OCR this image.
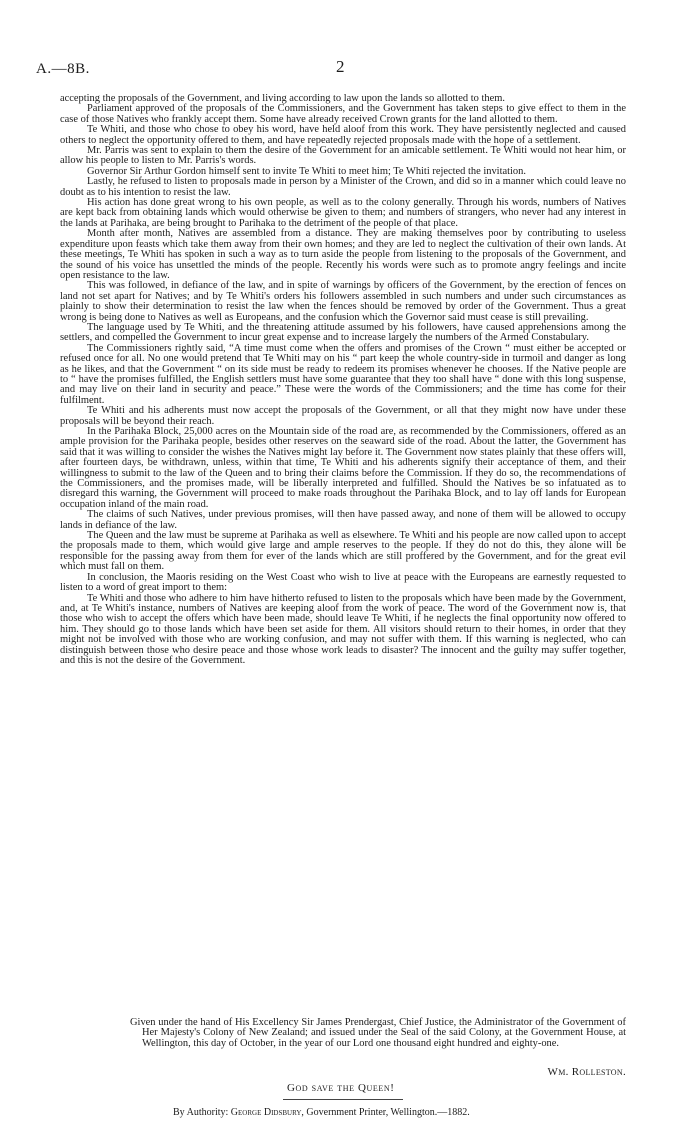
A.—8B.	2

accepting the proposals of the Government, and living according to law upon the lands so allotted to them.

Parliament approved of the proposals of the Commissioners, and the Government has taken steps to give effect to them in the case of those Natives who frankly accept them. Some have already received Crown grants for the land allotted to them.

Te Whiti, and those who chose to obey his word, have held aloof from this work. They have persistently neglected and caused others to neglect the opportunity offered to them, and have repeatedly rejected proposals made with the hope of a settlement.

Mr. Parris was sent to explain to them the desire of the Government for an amicable settlement. Te Whiti would not hear him, or allow his people to listen to Mr. Parris's words.

Governor Sir Arthur Gordon himself sent to invite Te Whiti to meet him; Te Whiti rejected the invitation.

Lastly, he refused to listen to proposals made in person by a Minister of the Crown, and did so in a manner which could leave no doubt as to his intention to resist the law.

His action has done great wrong to his own people, as well as to the colony generally. Through his words, numbers of Natives are kept back from obtaining lands which would otherwise be given to them; and numbers of strangers, who never had any interest in the lands at Parihaka, are being brought to Parihaka to the detriment of the people of that place.

Month after month, Natives are assembled from a distance. They are making themselves poor by contributing to useless expenditure upon feasts which take them away from their own homes; and they are led to neglect the cultivation of their own lands. At these meetings, Te Whiti has spoken in such a way as to turn aside the people from listening to the proposals of the Government, and the sound of his voice has unsettled the minds of the people. Recently his words were such as to promote angry feelings and incite open resistance to the law.

This was followed, in defiance of the law, and in spite of warnings by officers of the Government, by the erection of fences on land not set apart for Natives; and by Te Whiti's orders his followers assembled in such numbers and under such circumstances as plainly to show their determination to resist the law when the fences should be removed by order of the Government. Thus a great wrong is being done to Natives as well as Europeans, and the confusion which the Governor said must cease is still prevailing.

The language used by Te Whiti, and the threatening attitude assumed by his followers, have caused apprehensions among the settlers, and compelled the Government to incur great expense and to increase largely the numbers of the Armed Constabulary.

The Commissioners rightly said, “A time must come when the offers and promises of the Crown “ must either be accepted or refused once for all. No one would pretend that Te Whiti may on his “ part keep the whole country-side in turmoil and danger as long as he likes, and that the Government “ on its side must be ready to redeem its promises whenever he chooses. If the Native people are to “ have the promises fulfilled, the English settlers must have some guarantee that they too shall have “ done with this long suspense, and may live on their land in security and peace.” These were the words of the Commissioners; and the time has come for their fulfilment.

Te Whiti and his adherents must now accept the proposals of the Government, or all that they might now have under these proposals will be beyond their reach.

In the Parihaka Block, 25,000 acres on the Mountain side of the road are, as recommended by the Commissioners, offered as an ample provision for the Parihaka people, besides other reserves on the seaward side of the road. About the latter, the Government has said that it was willing to consider the wishes the Natives might lay before it. The Government now states plainly that these offers will, after fourteen days, be withdrawn, unless, within that time, Te Whiti and his adherents signify their acceptance of them, and their willingness to submit to the law of the Queen and to bring their claims before the Commission. If they do so, the recommendations of the Commissioners, and the promises made, will be liberally interpreted and fulfilled. Should the Natives be so infatuated as to disregard this warning, the Government will proceed to make roads throughout the Parihaka Block, and to lay off lands for European occupation inland of the main road.

The claims of such Natives, under previous promises, will then have passed away, and none of them will be allowed to occupy lands in defiance of the law.

The Queen and the law must be supreme at Parihaka as well as elsewhere. Te Whiti and his people are now called upon to accept the proposals made to them, which would give large and ample reserves to the people. If they do not do this, they alone will be responsible for the passing away from them for ever of the lands which are still proffered by the Government, and for the great evil which must fall on them.

In conclusion, the Maoris residing on the West Coast who wish to live at peace with the Europeans are earnestly requested to listen to a word of great import to them:

Te Whiti and those who adhere to him have hitherto refused to listen to the proposals which have been made by the Government, and, at Te Whiti's instance, numbers of Natives are keeping aloof from the work of peace. The word of the Government now is, that those who wish to accept the offers which have been made, should leave Te Whiti, if he neglects the final opportunity now offered to him. They should go to those lands which have been set aside for them. All visitors should return to their homes, in order that they might not be involved with those who are working confusion, and may not suffer with them. If this warning is neglected, who can distinguish between those who desire peace and those whose work leads to disaster? The innocent and the guilty may suffer together, and this is not the desire of the Government.

Given under the hand of His Excellency Sir James Prendergast, Chief Justice, the Administrator of the Government of Her Majesty's Colony of New Zealand; and issued under the Seal of the said Colony, at the Government House, at Wellington, this day of October, in the year of our Lord one thousand eight hundred and eighty-one.

Wm. Rolleston.
God save the Queen!
By Authority: George Didsbury, Government Printer, Wellington.—1882.
